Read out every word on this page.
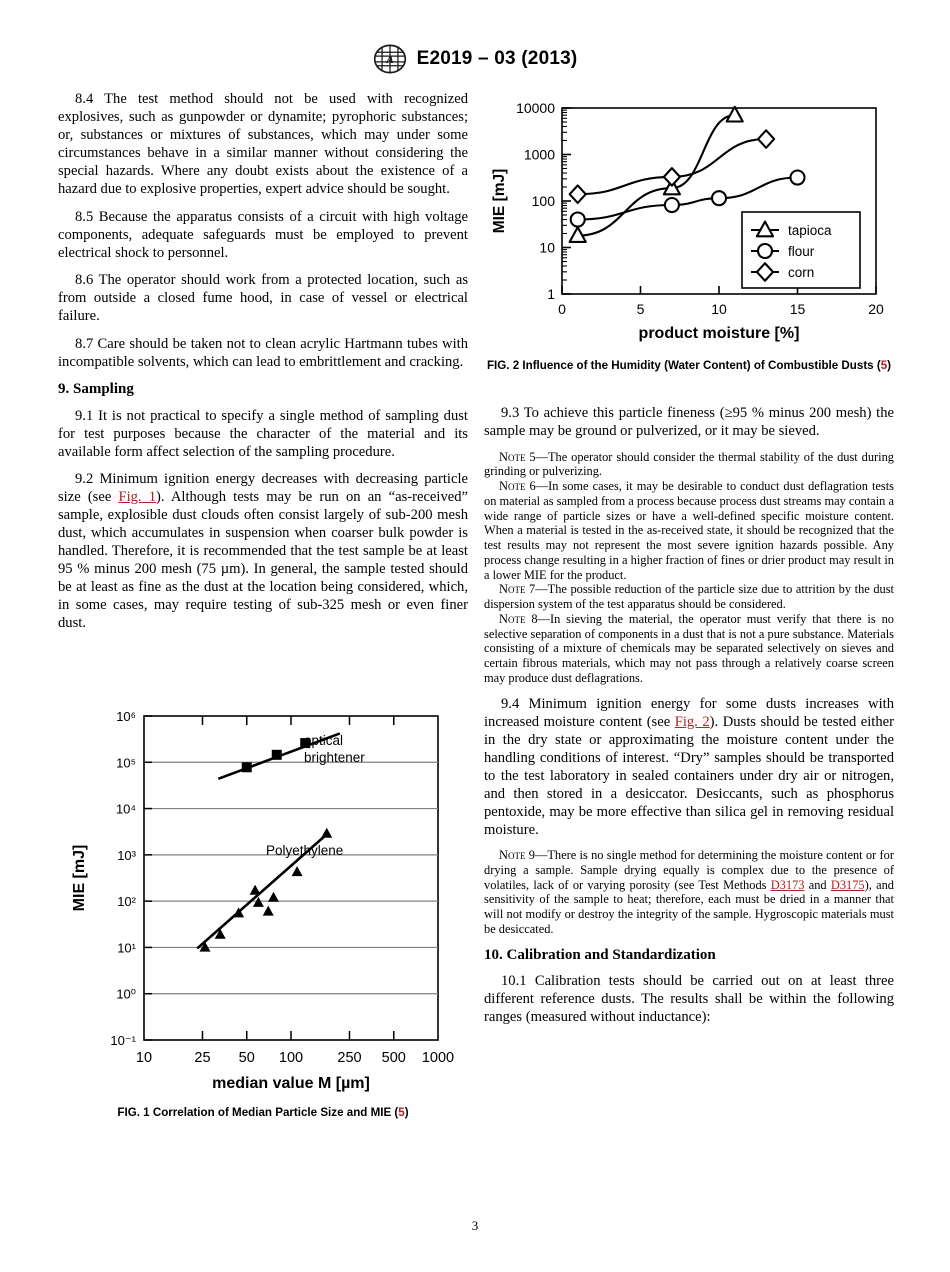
A E2019 – 03 (2013)

8.4 The test method should not be used with recognized explosives, such as gunpowder or dynamite; pyrophoric substances; or, substances or mixtures of substances, which may under some circumstances behave in a similar manner without considering the special hazards. Where any doubt exists about the existence of a hazard due to explosive properties, expert advice should be sought.

8.5 Because the apparatus consists of a circuit with high voltage components, adequate safeguards must be employed to prevent electrical shock to personnel.

8.6 The operator should work from a protected location, such as from outside a closed fume hood, in case of vessel or electrical failure.

8.7 Care should be taken not to clean acrylic Hartmann tubes with incompatible solvents, which can lead to embrittlement and cracking.

9. Sampling

9.1 It is not practical to specify a single method of sampling dust for test purposes because the character of the material and its available form affect selection of the sampling procedure.

9.2 Minimum ignition energy decreases with decreasing particle size (see Fig. 1). Although tests may be run on an “as-received” sample, explosible dust clouds often consist largely of sub-200 mesh dust, which accumulates in suspension when coarser bulk powder is handled. Therefore, it is recommended that the test sample be at least 95 % minus 200 mesh (75 µm). In general, the sample tested should be at least as fine as the dust at the location being considered, which, in some cases, may require testing of sub-325 mesh or even finer dust.

9.3 To achieve this particle fineness (≥95 % minus 200 mesh) the sample may be ground or pulverized, or it may be sieved.

Note 5—The operator should consider the thermal stability of the dust during grinding or pulverizing.

Note 6—In some cases, it may be desirable to conduct dust deflagration tests on material as sampled from a process because process dust streams may contain a wide range of particle sizes or have a well-defined specific moisture content. When a material is tested in the as-received state, it should be recognized that the test results may not represent the most severe ignition hazards possible. Any process change resulting in a higher fraction of fines or drier product may result in a lower MIE for the product.

Note 7—The possible reduction of the particle size due to attrition by the dust dispersion system of the test apparatus should be considered.

Note 8—In sieving the material, the operator must verify that there is no selective separation of components in a dust that is not a pure substance. Materials consisting of a mixture of chemicals may be separated selectively on sieves and certain fibrous materials, which may not pass through a relatively coarse screen may produce dust deflagrations.

9.4 Minimum ignition energy for some dusts increases with increased moisture content (see Fig. 2). Dusts should be tested either in the dry state or approximating the moisture content under the handling conditions of interest. “Dry” samples should be transported to the test laboratory in sealed containers under dry air or nitrogen, and then stored in a desiccator. Desiccants, such as phosphorus pentoxide, may be more effective than silica gel in removing residual moisture.

Note 9—There is no single method for determining the moisture content or for drying a sample. Sample drying equally is complex due to the presence of volatiles, lack of or varying porosity (see Test Methods D3173 and D3175), and sensitivity of the sample to heat; therefore, each must be dried in a manner that will not modify or destroy the integrity of the sample. Hygroscopic materials must be desiccated.

10. Calibration and Standardization

10.1 Calibration tests should be carried out on at least three different reference dusts. The results shall be within the following ranges (measured without inductance):

1
10
100
1000
10000
0	5	10	15	20
MIE [mJ]
product moisture [%]
tapioca
flour
corn
FIG. 2 Influence of the Humidity (Water Content) of Combustible Dusts (5)
10⁻¹
10⁰
10¹
10²
10³
10⁴
10⁵
10⁶
10	25 50 100 250 500 1000
MIE [mJ]
median value M [µm]
optical
brightener
Polyethylene
FIG. 1 Correlation of Median Particle Size and MIE (5)
3
